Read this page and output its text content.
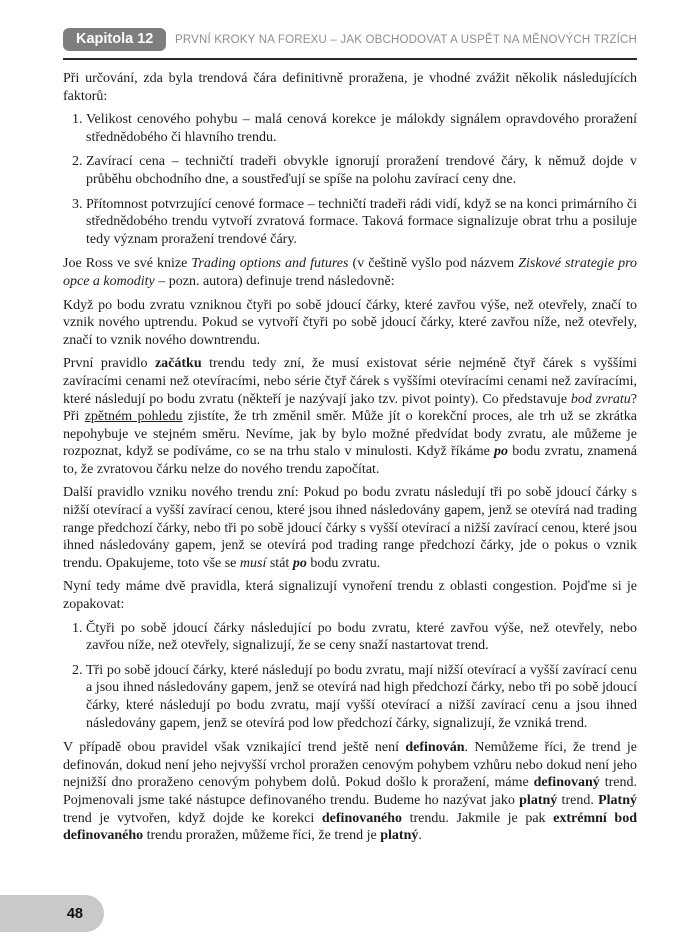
Kapitola 12	PRVNÍ KROKY NA FOREXU – JAK OBCHODOVAT A USPĚT NA MĚNOVÝCH TRZÍCH

Při určování, zda byla trendová čára definitivně proražena, je vhodné zvážit několik následujících faktorů:

1. Velikost cenového pohybu – malá cenová korekce je málokdy signálem opravdového proražení střednědobého či hlavního trendu.
2. Zavírací cena – techničtí tradeři obvykle ignorují proražení trendové čáry, k němuž dojde v průběhu obchodního dne, a soustřeďují se spíše na polohu zavírací ceny dne.
3. Přítomnost potvrzující cenové formace – techničtí tradeři rádi vidí, když se na konci primárního či střednědobého trendu vytvoří zvratová formace. Taková formace signalizuje obrat trhu a posiluje tedy význam proražení trendové čáry.

Joe Ross ve své knize Trading options and futures (v češtině vyšlo pod názvem Ziskové strategie pro opce a komodity – pozn. autora) definuje trend následovně:

Když po bodu zvratu vzniknou čtyři po sobě jdoucí čárky, které zavřou výše, než otevřely, značí to vznik nového uptrendu. Pokud se vytvoří čtyři po sobě jdoucí čárky, které zavřou níže, než otevřely, značí to vznik nového downtrendu.

První pravidlo začátku trendu tedy zní, že musí existovat série nejméně čtyř čárek s vyššími zavíracími cenami než otevíracími, nebo série čtyř čárek s vyššími otevíracími cenami než zavíracími, které následují po bodu zvratu (někteří je nazývají jako tzv. pivot pointy). Co představuje bod zvratu? Při zpětném pohledu zjistíte, že trh změnil směr. Může jít o korekční proces, ale trh už se zkrátka nepohybuje ve stejném směru. Nevíme, jak by bylo možné předvídat body zvratu, ale můžeme je rozpoznat, když se podíváme, co se na trhu stalo v minulosti. Když říkáme po bodu zvratu, znamená to, že zvratovou čárku nelze do nového trendu započítat.

Další pravidlo vzniku nového trendu zní: Pokud po bodu zvratu následují tři po sobě jdoucí čárky s nižší otevírací a vyšší zavírací cenou, které jsou ihned následovány gapem, jenž se otevírá nad trading range předchozí čárky, nebo tři po sobě jdoucí čárky s vyšší otevírací a nižší zavírací cenou, které jsou ihned následovány gapem, jenž se otevírá pod trading range předchozí čárky, jde o pokus o vznik trendu. Opakujeme, toto vše se musí stát po bodu zvratu.

Nyní tedy máme dvě pravidla, která signalizují vynoření trendu z oblasti congestion. Pojďme si je zopakovat:

1. Čtyři po sobě jdoucí čárky následující po bodu zvratu, které zavřou výše, než otevřely, nebo zavřou níže, než otevřely, signalizují, že se ceny snaží nastartovat trend.
2. Tři po sobě jdoucí čárky, které následují po bodu zvratu, mají nižší otevírací a vyšší zavírací cenu a jsou ihned následovány gapem, jenž se otevírá nad high předchozí čárky, nebo tři po sobě jdoucí čárky, které následují po bodu zvratu, mají vyšší otevírací a nižší zavírací cenu a jsou ihned následovány gapem, jenž se otevírá pod low předchozí čárky, signalizují, že vzniká trend.

V případě obou pravidel však vznikající trend ještě není definován. Nemůžeme říci, že trend je definován, dokud není jeho nejvyšší vrchol proražen cenovým pohybem vzhůru nebo dokud není jeho nejnižší dno proraženo cenovým pohybem dolů. Pokud došlo k proražení, máme definovaný trend. Pojmenovali jsme také nástupce definovaného trendu. Budeme ho nazývat jako platný trend. Platný trend je vytvořen, když dojde ke korekci definovaného trendu. Jakmile je pak extrémní bod definovaného trendu proražen, můžeme říci, že trend je platný.

48
